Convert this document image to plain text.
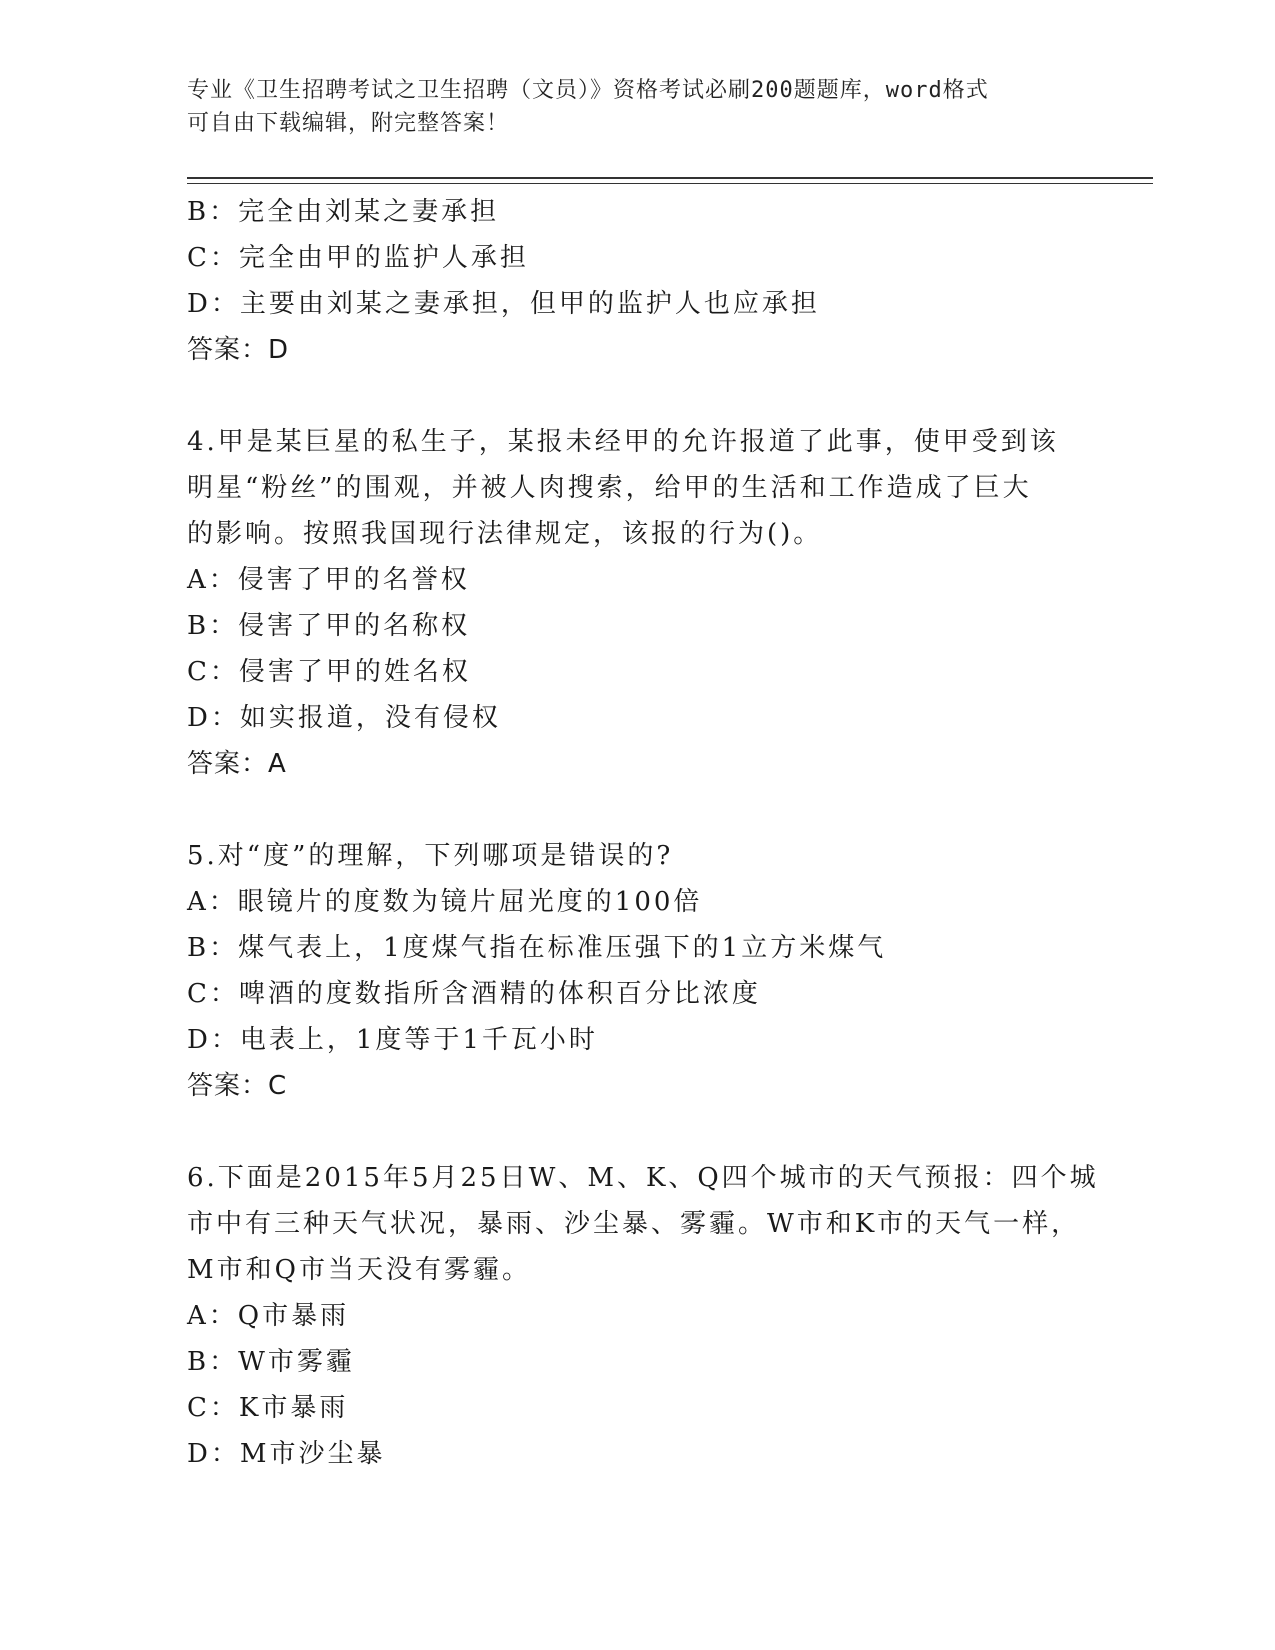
专业《卫生招聘考试之卫生招聘（文员）》资格考试必刷200题题库，word格式
可自由下载编辑，附完整答案！
B：完全由刘某之妻承担
C：完全由甲的监护人承担
D：主要由刘某之妻承担，但甲的监护人也应承担
答案：D
4.甲是某巨星的私生子，某报未经甲的允许报道了此事，使甲受到该
明星“粉丝”的围观，并被人肉搜索，给甲的生活和工作造成了巨大
的影响。按照我国现行法律规定，该报的行为()。
A：侵害了甲的名誉权
B：侵害了甲的名称权
C：侵害了甲的姓名权
D：如实报道，没有侵权
答案：A
5.对“度”的理解，下列哪项是错误的?
A：眼镜片的度数为镜片屈光度的100倍
B：煤气表上，1度煤气指在标准压强下的1立方米煤气
C：啤酒的度数指所含酒精的体积百分比浓度
D：电表上，1度等于1千瓦小时
答案：C
6.下面是2015年5月25日W、M、K、Q四个城市的天气预报：四个城
市中有三种天气状况，暴雨、沙尘暴、雾霾。W市和K市的天气一样，
M市和Q市当天没有雾霾。
A：Q市暴雨
B：W市雾霾
C：K市暴雨
D：M市沙尘暴
